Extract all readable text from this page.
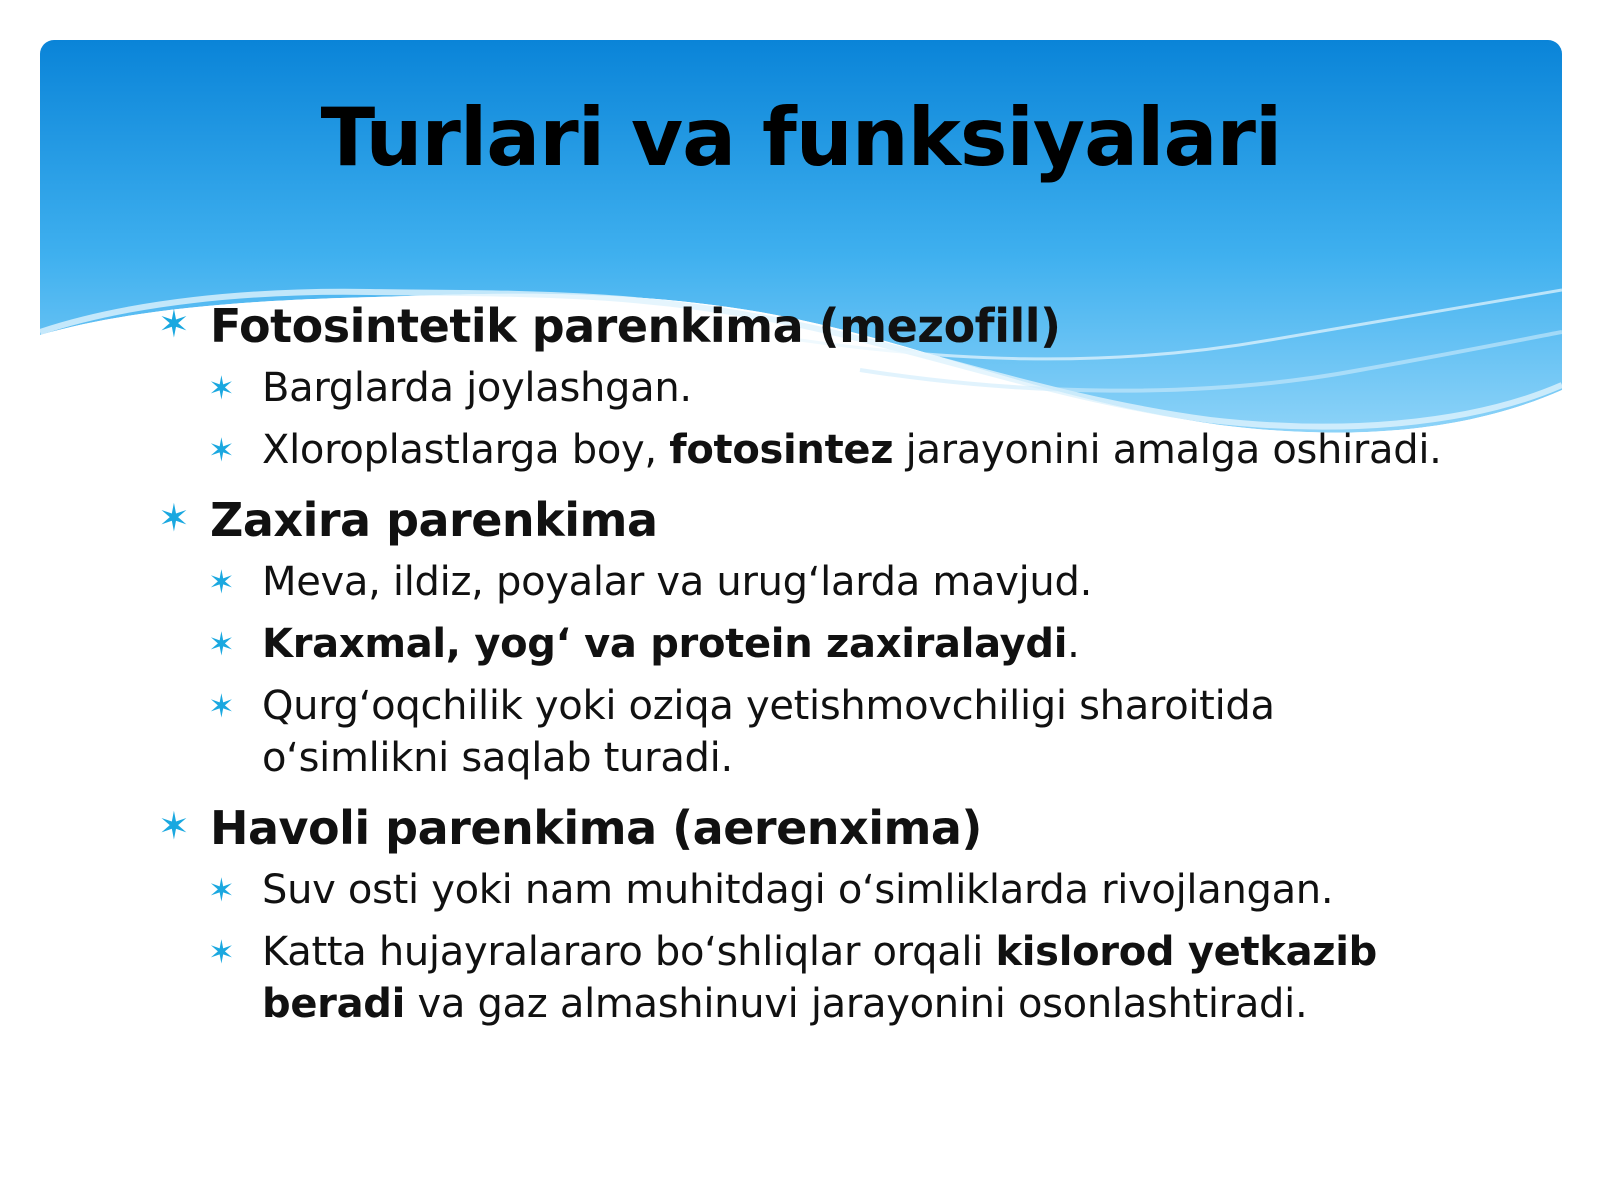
Turlari va funksiyalari
✶ Fotosintetik parenkima (mezofill)
✶ Barglarda joylashgan.
✶ Xloroplastlarga boy, fotosintez jarayonini amalga oshiradi.
✶ Zaxira parenkima
✶ Meva, ildiz, poyalar va urug‘larda mavjud.
✶ Kraxmal, yog‘ va protein zaxiralaydi.
✶ Qurg‘oqchilik yoki oziqa yetishmovchiligi sharoitida o‘simlikni saqlab turadi.
✶ Havoli parenkima (aerenxima)
✶ Suv osti yoki nam muhitdagi o‘simliklarda rivojlangan.
✶ Katta hujayralararo bo‘shliqlar orqali kislorod yetkazib beradi va gaz almashinuvi jarayonini osonlashtiradi.
